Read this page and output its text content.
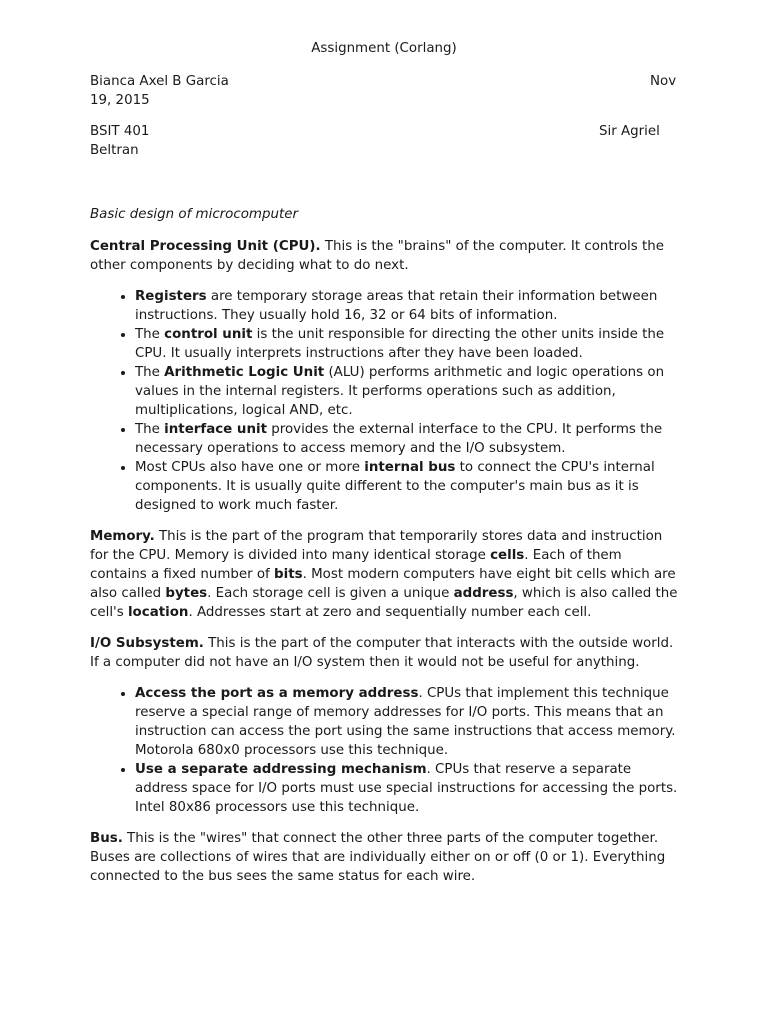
Assignment (Corlang)
Bianca Axel B Garcia	Nov
19, 2015
BSIT 401	Sir Agriel
Beltran
Basic design of microcomputer

Central Processing Unit (CPU). This is the "brains" of the computer. It controls the other components by deciding what to do next.

• Registers are temporary storage areas that retain their information between instructions. They usually hold 16, 32 or 64 bits of information.
• The control unit is the unit responsible for directing the other units inside the CPU. It usually interprets instructions after they have been loaded.
• The Arithmetic Logic Unit (ALU) performs arithmetic and logic operations on values in the internal registers. It performs operations such as addition, multiplications, logical AND, etc.
• The interface unit provides the external interface to the CPU. It performs the necessary operations to access memory and the I/O subsystem.
• Most CPUs also have one or more internal bus to connect the CPU's internal components. It is usually quite different to the computer's main bus as it is designed to work much faster.

Memory. This is the part of the program that temporarily stores data and instruction for the CPU. Memory is divided into many identical storage cells. Each of them contains a fixed number of bits. Most modern computers have eight bit cells which are also called bytes. Each storage cell is given a unique address, which is also called the cell's location. Addresses start at zero and sequentially number each cell.

I/O Subsystem. This is the part of the computer that interacts with the outside world. If a computer did not have an I/O system then it would not be useful for anything.

• Access the port as a memory address. CPUs that implement this technique reserve a special range of memory addresses for I/O ports. This means that an instruction can access the port using the same instructions that access memory. Motorola 680x0 processors use this technique.
• Use a separate addressing mechanism. CPUs that reserve a separate address space for I/O ports must use special instructions for accessing the ports. Intel 80x86 processors use this technique.

Bus. This is the "wires" that connect the other three parts of the computer together. Buses are collections of wires that are individually either on or off (0 or 1). Everything connected to the bus sees the same status for each wire.
